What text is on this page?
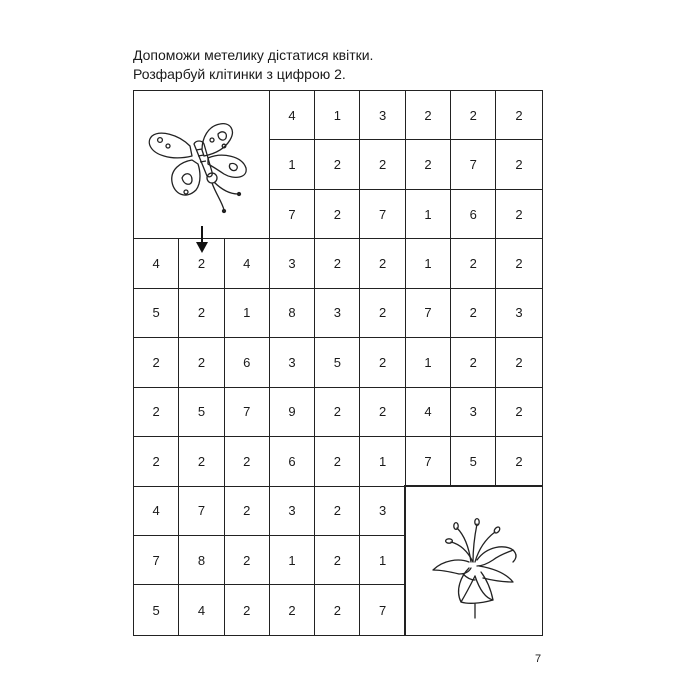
Допоможи метелику дістатися квітки.
Розфарбуй клітинки з цифрою 2.
4	1	3	2	2	2
1	2	2	2	7	2
7	2	7	1	6	2
4	2	4	3	2	2	1	2	2
5	2	1	8	3	2	7	2	3
2	2	6	3	5	2	1	2	2
2	5	7	9	2	2	4	3	2
2	2	2	6	2	1	7	5	2
4	7	2	3	2	3
7	8	2	1	2	1
5	4	2	2	2	7
7
